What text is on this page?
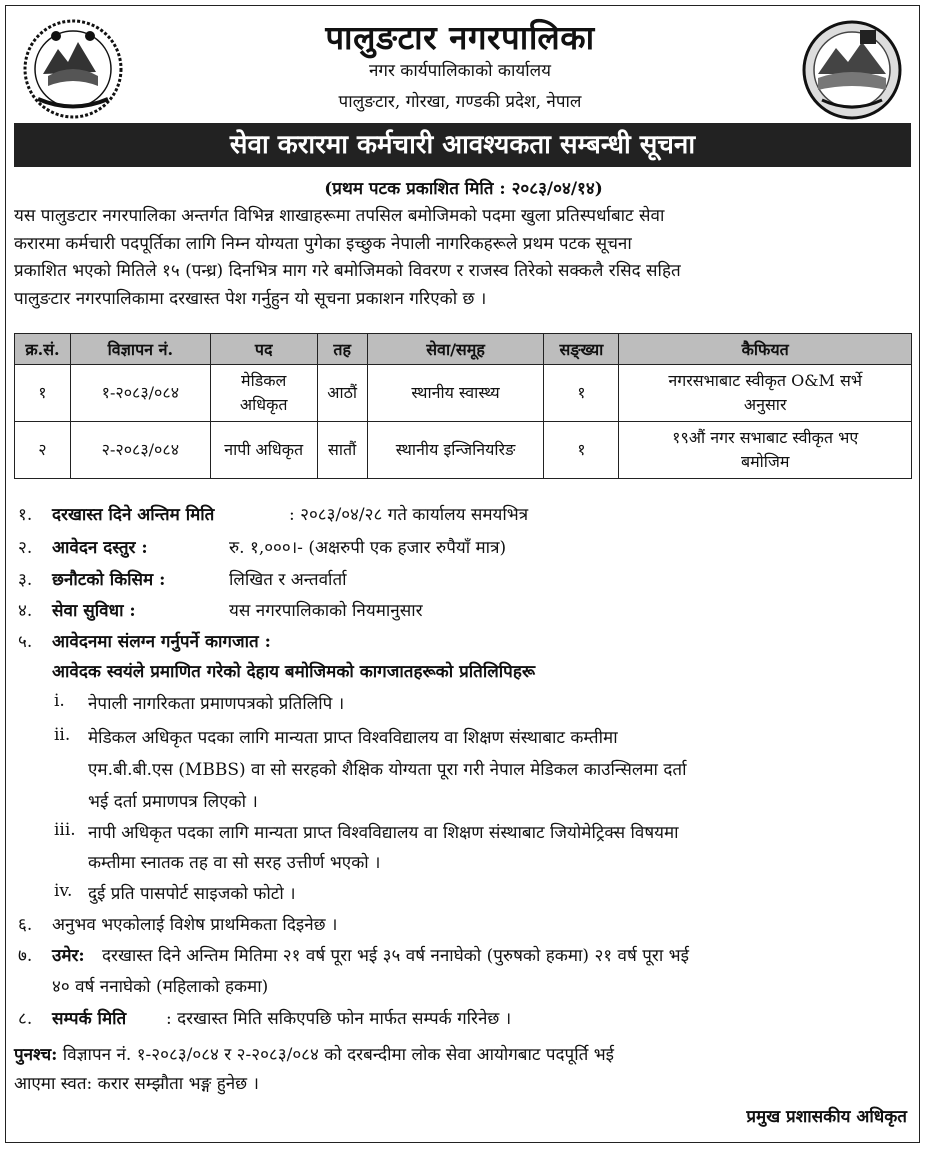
पालुङटार नगरपालिका
नगर कार्यपालिकाको कार्यालय
पालुङटार, गोरखा, गण्डकी प्रदेश, नेपाल
सेवा करारमा कर्मचारी आवश्यकता सम्बन्धी सूचना
(प्रथम पटक प्रकाशित मिति : २०८३/०४/१४)
यस पालुङटार नगरपालिका अन्तर्गत विभिन्न शाखाहरूमा तपसिल बमोजिमको पदमा खुला प्रतिस्पर्धाबाट सेवा
करारमा कर्मचारी पदपूर्तिका लागि निम्न योग्यता पुगेका इच्छुक नेपाली नागरिकहरूले प्रथम पटक सूचना
प्रकाशित भएको मितिले १५ (पन्ध्र) दिनभित्र माग गरे बमोजिमको विवरण र राजस्व तिरेको सक्कलै रसिद सहित
पालुङटार नगरपालिकामा दरखास्त पेश गर्नुहुन यो सूचना प्रकाशन गरिएको छ ।
क्र.सं.	विज्ञापन नं.	पद	तह	सेवा/समूह	सङ्ख्या	कैफियत
१	१-२०८३/०८४	मेडिकल अधिकृत	आठौं	स्थानीय स्वास्थ्य	१	नगरसभाबाट स्वीकृत O&M सर्भे अनुसार
२	२-२०८३/०८४	नापी अधिकृत	सातौं	स्थानीय इन्जिनियरिङ	१	१९औं नगर सभाबाट स्वीकृत भए बमोजिम
१. दरखास्त दिने अन्तिम मिति	: २०८३/०४/२८ गते कार्यालय समयभित्र
२. आवेदन दस्तुर :	रु. १,०००।- (अक्षरुपी एक हजार रुपैयाँ मात्र)
३. छनौटको किसिम :	लिखित र अन्तर्वार्ता
४. सेवा सुविधा :	यस नगरपालिकाको नियमानुसार
५. आवेदनमा संलग्न गर्नुपर्ने कागजात :
आवेदक स्वयंले प्रमाणित गरेको देहाय बमोजिमको कागजातहरूको प्रतिलिपिहरू
i. नेपाली नागरिकता प्रमाणपत्रको प्रतिलिपि ।
ii. मेडिकल अधिकृत पदका लागि मान्यता प्राप्त विश्वविद्यालय वा शिक्षण संस्थाबाट कम्तीमा
एम.बी.बी.एस (MBBS) वा सो सरहको शैक्षिक योग्यता पूरा गरी नेपाल मेडिकल काउन्सिलमा दर्ता
भई दर्ता प्रमाणपत्र लिएको ।
iii. नापी अधिकृत पदका लागि मान्यता प्राप्त विश्वविद्यालय वा शिक्षण संस्थाबाट जियोमेट्रिक्स विषयमा
कम्तीमा स्नातक तह वा सो सरह उत्तीर्ण भएको ।
iv. दुई प्रति पासपोर्ट साइजको फोटो ।
६. अनुभव भएकोलाई विशेष प्राथमिकता दिइनेछ ।
७. उमेर: दरखास्त दिने अन्तिम मितिमा २१ वर्ष पूरा भई ३५ वर्ष ननाघेको (पुरुषको हकमा) २१ वर्ष पूरा भई
४० वर्ष ननाघेको (महिलाको हकमा)
८. सम्पर्क मिति : दरखास्त मिति सकिएपछि फोन मार्फत सम्पर्क गरिनेछ ।
पुनश्च: विज्ञापन नं. १-२०८३/०८४ र २-२०८३/०८४ को दरबन्दीमा लोक सेवा आयोगबाट पदपूर्ति भई
आएमा स्वत: करार सम्झौता भङ्ग हुनेछ ।
प्रमुख प्रशासकीय अधिकृत
